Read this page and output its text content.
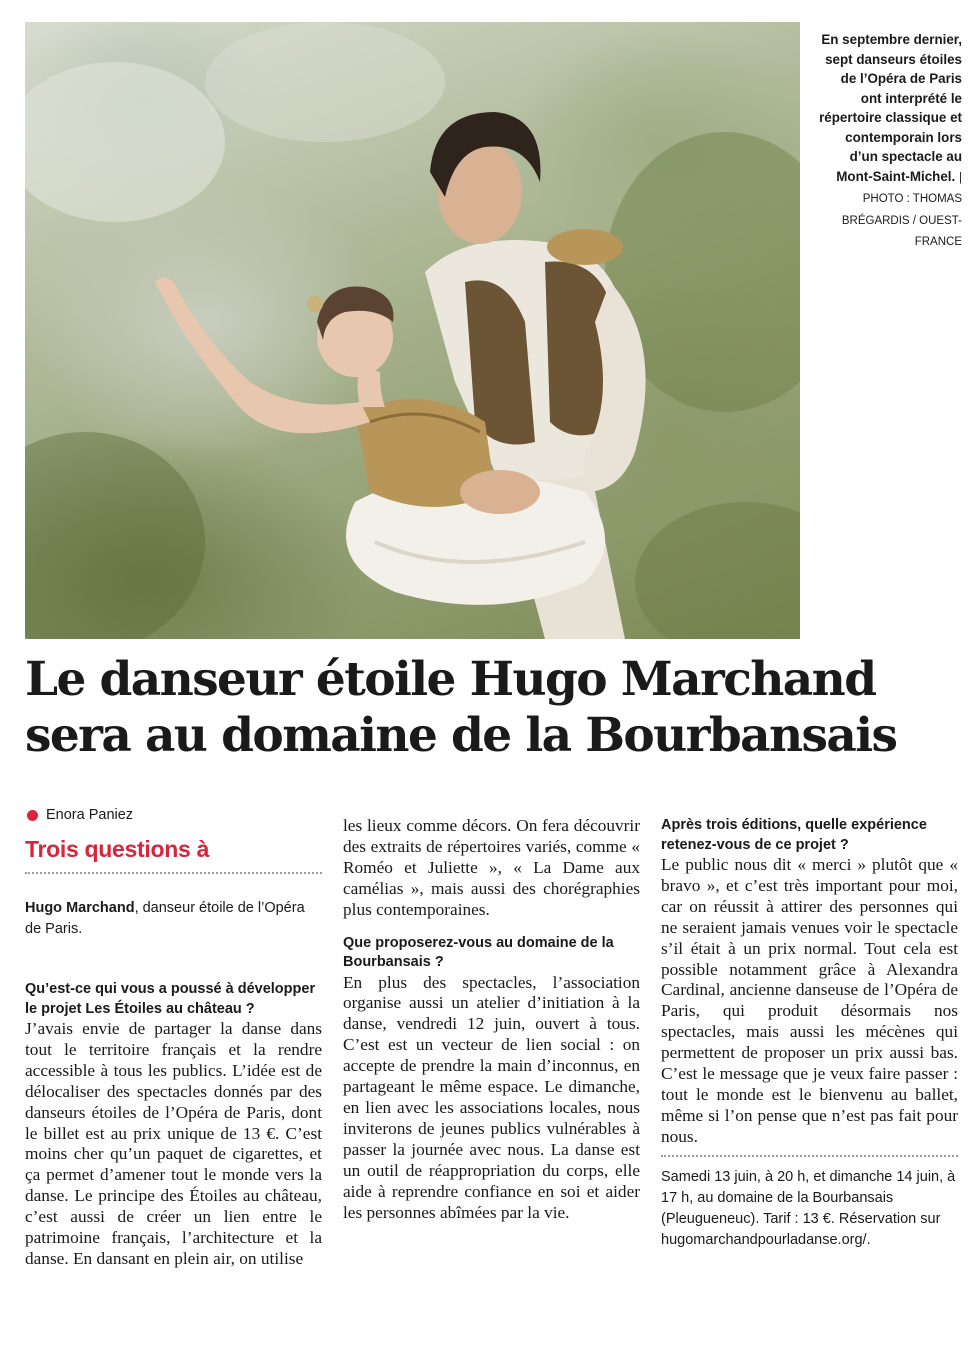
En septembre dernier, sept danseurs étoiles de l’Opéra de Paris ont interprété le répertoire classique et contemporain lors d’un spectacle au Mont-Saint-Michel. | PHOTO : THOMAS BRÉGARDIS / OUEST-FRANCE
Le danseur étoile Hugo Marchand
sera au domaine de la Bourbansais
Enora Paniez
Trois questions à

Hugo Marchand, danseur étoile de l’Opéra de Paris.

Qu’est-ce qui vous a poussé à développer le projet Les Étoiles au château ?

J’avais envie de partager la danse dans tout le territoire français et la rendre accessible à tous les publics. L’idée est de délocaliser des spectacles donnés par des danseurs étoiles de l’Opéra de Paris, dont le billet est au prix unique de 13 €. C’est moins cher qu’un paquet de cigarettes, et ça permet d’amener tout le monde vers la danse. Le principe des Étoiles au château, c’est aussi de créer un lien entre le patrimoine français, l’architecture et la danse. En dansant en plein air, on utilise

les lieux comme décors. On fera découvrir des extraits de répertoires variés, comme « Roméo et Juliette », « La Dame aux camélias », mais aussi des chorégraphies plus contemporaines.

Que proposerez-vous au domaine de la Bourbansais ?

En plus des spectacles, l’association organise aussi un atelier d’initiation à la danse, vendredi 12 juin, ouvert à tous. C’est est un vecteur de lien social : on accepte de prendre la main d’inconnus, en partageant le même espace. Le dimanche, en lien avec les associations locales, nous inviterons de jeunes publics vulnérables à passer la journée avec nous. La danse est un outil de réappropriation du corps, elle aide à reprendre confiance en soi et aider les personnes abîmées par la vie.

Après trois éditions, quelle expérience retenez-vous de ce projet ?

Le public nous dit « merci » plutôt que « bravo », et c’est très important pour moi, car on réussit à attirer des personnes qui ne seraient jamais venues voir le spectacle s’il était à un prix normal. Tout cela est possible notamment grâce à Alexandra Cardinal, ancienne danseuse de l’Opéra de Paris, qui produit désormais nos spectacles, mais aussi les mécènes qui permettent de proposer un prix aussi bas. C’est le message que je veux faire passer : tout le monde est le bienvenu au ballet, même si l’on pense que n’est pas fait pour nous.

Samedi 13 juin, à 20 h, et dimanche 14 juin, à 17 h, au domaine de la Bourbansais (Pleugueneuc). Tarif : 13 €. Réservation sur hugomarchandpourladanse.org/.
